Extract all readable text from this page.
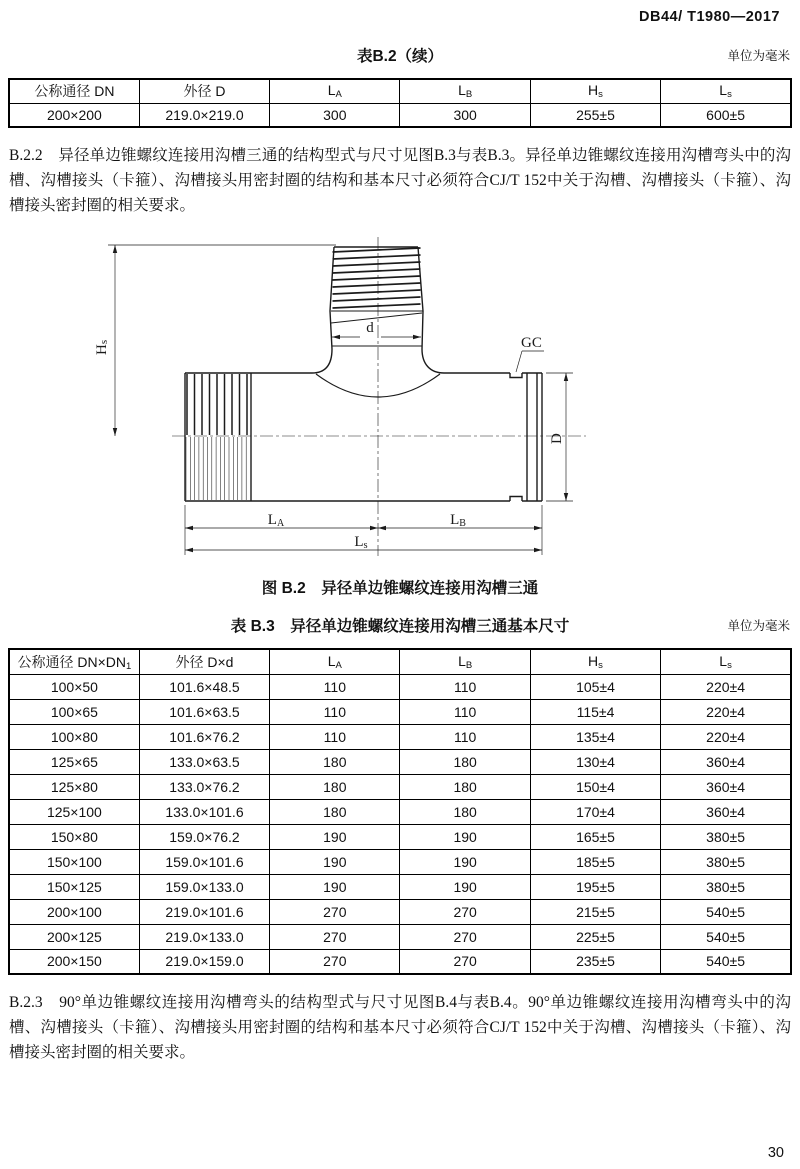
DB44/ T1980—2017
表B.2（续）	单位为毫米
公称通径 DN	外径 D	$L_A$	$L_B$	$H_s$	$L_s$
200×200	219.0×219.0	300	300	255±5	600±5

B.2.2　异径单边锥螺纹连接用沟槽三通的结构型式与尺寸见图B.3与表B.3。异径单边锥螺纹连接用沟槽弯头中的沟槽、沟槽接头（卡箍）、沟槽接头用密封圈的结构和基本尺寸必须符合CJ/T 152中关于沟槽、沟槽接头（卡箍）、沟槽接头密封圈的相关要求。

Hs
d
GC
D
LA	LB
Ls
图 B.2　异径单边锥螺纹连接用沟槽三通
表 B.3　异径单边锥螺纹连接用沟槽三通基本尺寸	单位为毫米
公称通径 $DN\times DN_1$	外径 D×d	$L_A$	$L_B$	$H_s$	$L_s$
100×50	101.6×48.5	110	110	105±4	220±4
100×65	101.6×63.5	110	110	115±4	220±4
100×80	101.6×76.2	110	110	135±4	220±4
125×65	133.0×63.5	180	180	130±4	360±4
125×80	133.0×76.2	180	180	150±4	360±4
125×100	133.0×101.6	180	180	170±4	360±4
150×80	159.0×76.2	190	190	165±5	380±5
150×100	159.0×101.6	190	190	185±5	380±5
150×125	159.0×133.0	190	190	195±5	380±5
200×100	219.0×101.6	270	270	215±5	540±5
200×125	219.0×133.0	270	270	225±5	540±5
200×150	219.0×159.0	270	270	235±5	540±5

B.2.3　90°单边锥螺纹连接用沟槽弯头的结构型式与尺寸见图B.4与表B.4。90°单边锥螺纹连接用沟槽弯头中的沟槽、沟槽接头（卡箍）、沟槽接头用密封圈的结构和基本尺寸必须符合CJ/T 152中关于沟槽、沟槽接头（卡箍）、沟槽接头密封圈的相关要求。

30
